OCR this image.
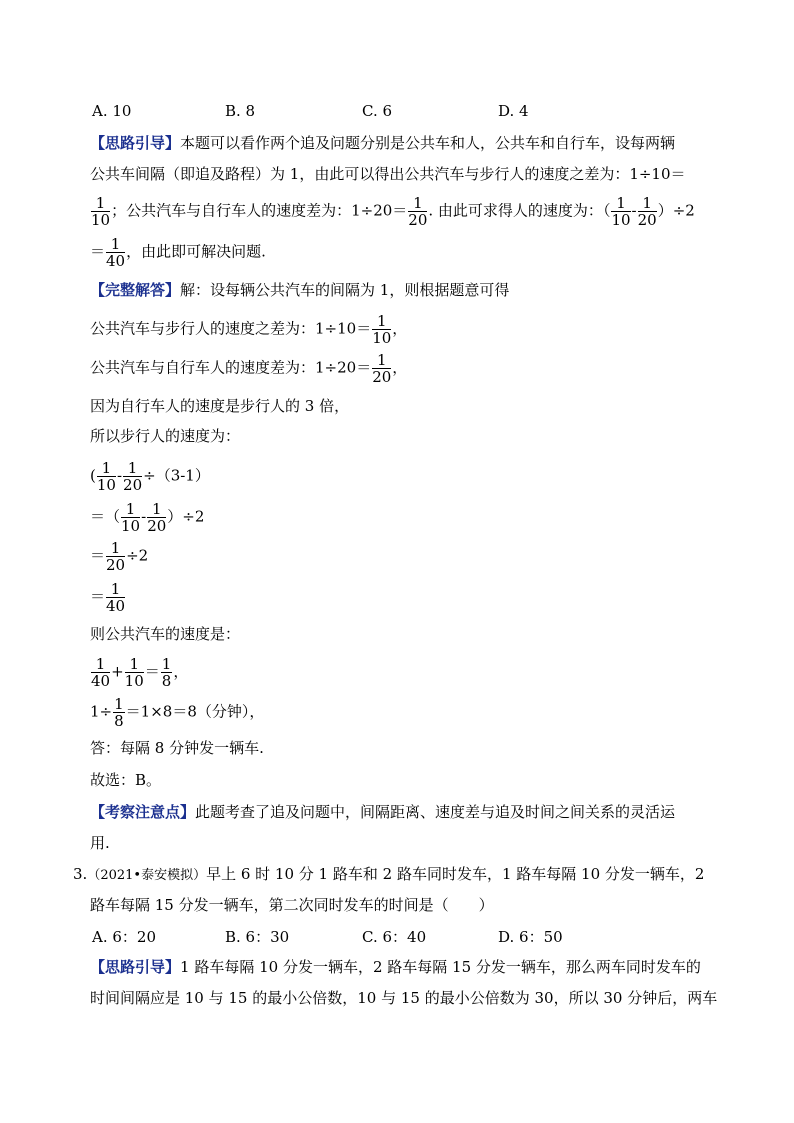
A. 10	B. 8	C. 6	D. 4
【思路引导】本题可以看作两个追及问题分别是公共车和人，公共车和自行车，设每两辆
公共车间隔（即追及路程）为 1，由此可以得出公共汽车与步行人的速度之差为：1÷10＝
$\frac{1}{10}$ ；公共汽车与自行车人的速度差为：$1\div 20= \frac{1}{20}$ . 由此可求得人的速度为：（ $\frac{1}{10} - \frac{1}{20} )\div 2$
＝ $\frac{1}{40}$ ，由此即可解决问题.
【完整解答】解：设每辆公共汽车的间隔为 1，则根据题意可得
公共汽车与步行人的速度之差为：$1\div 10= \frac{1}{10}$ ，
公共汽车与自行车人的速度差为：$1\div 20= \frac{1}{20}$ ，
因为自行车人的速度是步行人的 3 倍，
所以步行人的速度为：
( $\frac{1}{10} - \frac{1}{20} \div(3-1)$
＝（ $\frac{1}{10} - \frac{1}{20} )\div 2$
＝ $\frac{1}{20} \div 2$
＝ $\frac{1}{40}$
则公共汽车的速度是：
$\frac{1}{40} + \frac{1}{10} = \frac{1}{8}$ ，
$1\div \frac{1}{8} =1\times 8=8$（分钟），
答：每隔 8 分钟发一辆车.
故选：B。
【考察注意点】此题考查了追及问题中，间隔距离、速度差与追及时间之间关系的灵活运
用.
3.（2021•泰安模拟）早上 6 时 10 分 1 路车和 2 路车同时发车，1 路车每隔 10 分发一辆车，2
路车每隔 15 分发一辆车，第二次同时发车的时间是（　　）
A. 6：20	B. 6：30	C. 6：40	D. 6：50
【思路引导】1 路车每隔 10 分发一辆车，2 路车每隔 15 分发一辆车，那么两车同时发车的
时间间隔应是 10 与 15 的最小公倍数，10 与 15 的最小公倍数为 30，所以 30 分钟后，两车
